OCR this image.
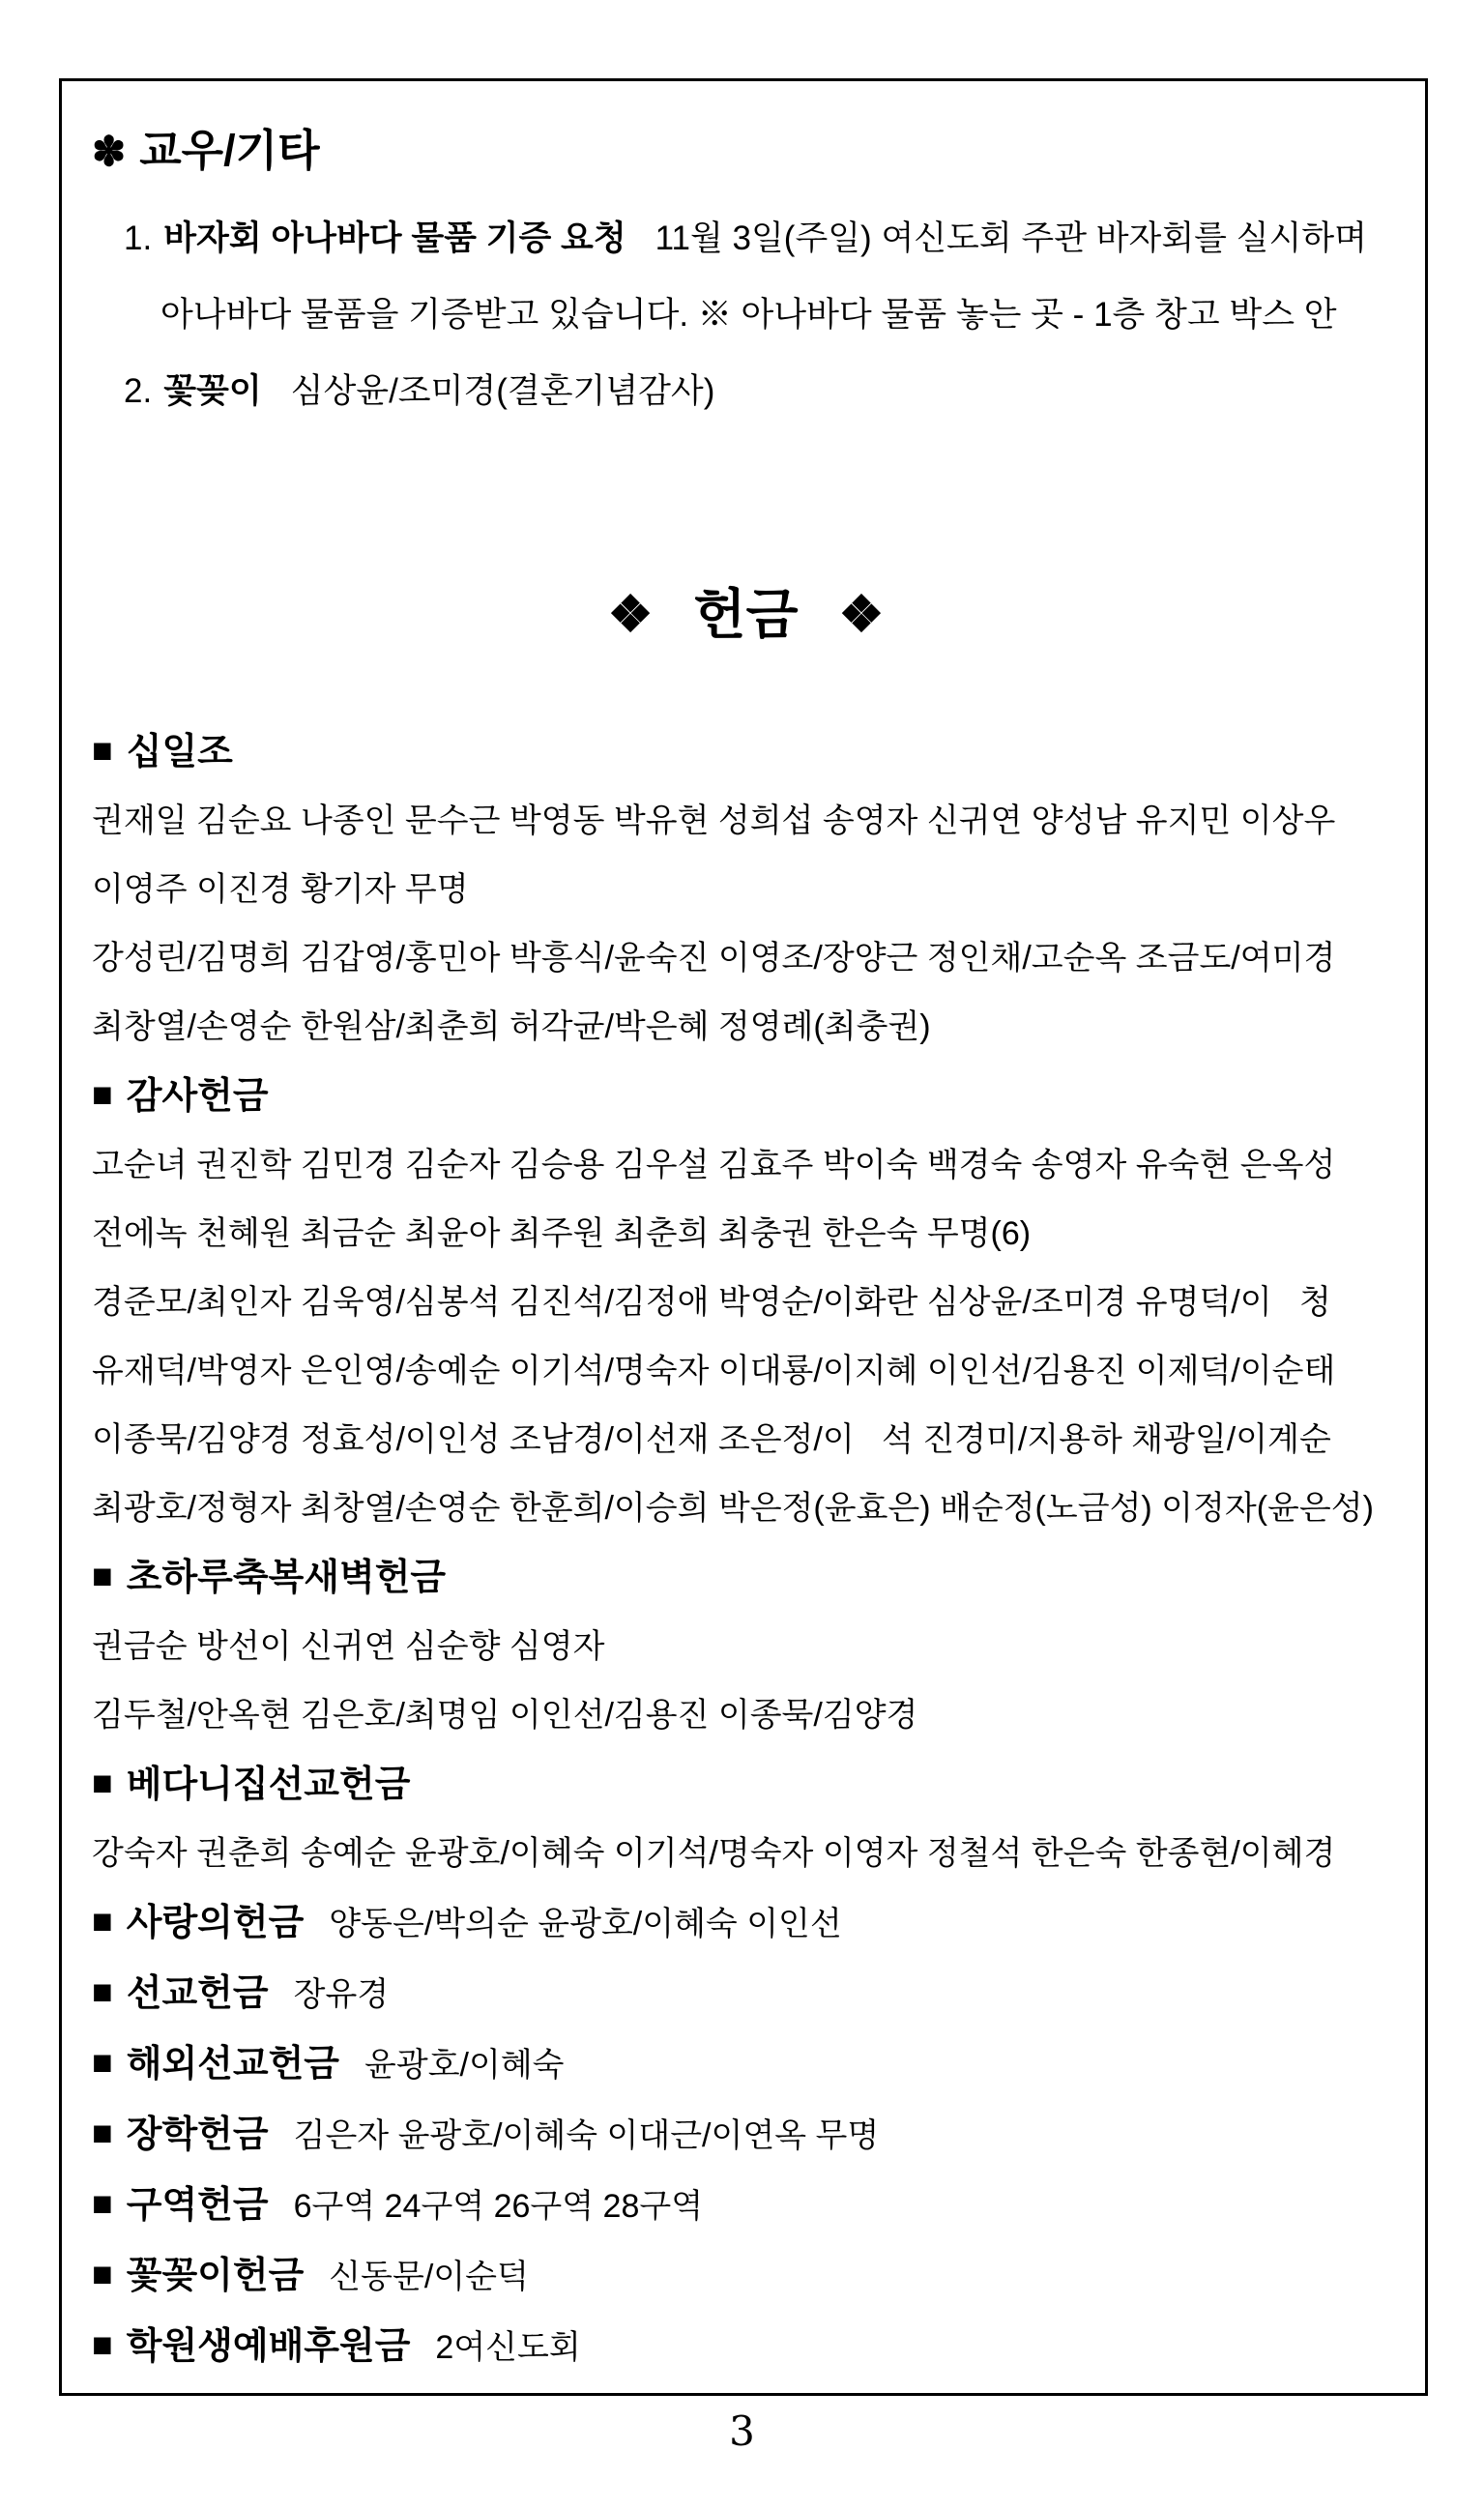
✽ 교우/기타
1. 바자회 아나바다 물품 기증 요청 11월 3일(주일) 여신도회 주관 바자회를 실시하며
아나바다 물품을 기증받고 있습니다. ※ 아나바다 물품 놓는 곳 - 1층 창고 박스 안
2. 꽃꽂이 심상윤/조미경(결혼기념감사)
❖ 헌금 ❖
■ 십일조
권재일 김순요 나종인 문수근 박영동 박유현 성희섭 송영자 신귀연 양성남 유지민 이상우
이영주 이진경 황기자 무명
강성린/김명희 김갑영/홍민아 박흥식/윤숙진 이영조/장양근 정인채/고순옥 조금도/여미경
최창열/손영순 한원삼/최춘희 허각균/박은혜 정영례(최충권)
■ 감사헌금
고순녀 권진학 김민경 김순자 김승용 김우설 김효주 박이숙 백경숙 송영자 유숙현 은옥성
전에녹 천혜원 최금순 최윤아 최주원 최춘희 최충권 한은숙 무명(6)
경준모/최인자 김욱영/심봉석 김진석/김정애 박영순/이화란 심상윤/조미경 유명덕/이   청
유재덕/박영자 은인영/송예순 이기석/명숙자 이대룡/이지혜 이인선/김용진 이제덕/이순태
이종묵/김양경 정효성/이인성 조남경/이선재 조은정/이   석 진경미/지용하 채광일/이계순
최광호/정형자 최창열/손영순 한훈희/이승희 박은정(윤효은) 배순정(노금성) 이정자(윤은성)
■ 초하루축복새벽헌금
권금순 방선이 신귀연 심순향 심영자
김두철/안옥현 김은호/최명임 이인선/김용진 이종묵/김양경
■ 베다니집선교헌금
강숙자 권춘희 송예순 윤광호/이혜숙 이기석/명숙자 이영자 정철석 한은숙 한종현/이혜경
■ 사랑의헌금 양동은/박의순 윤광호/이혜숙 이인선
■ 선교헌금 장유경
■ 해외선교헌금 윤광호/이혜숙
■ 장학헌금 김은자 윤광호/이혜숙 이대근/이연옥 무명
■ 구역헌금 6구역 24구역 26구역 28구역
■ 꽃꽂이헌금 신동문/이순덕
■ 학원생예배후원금 2여신도회
3
